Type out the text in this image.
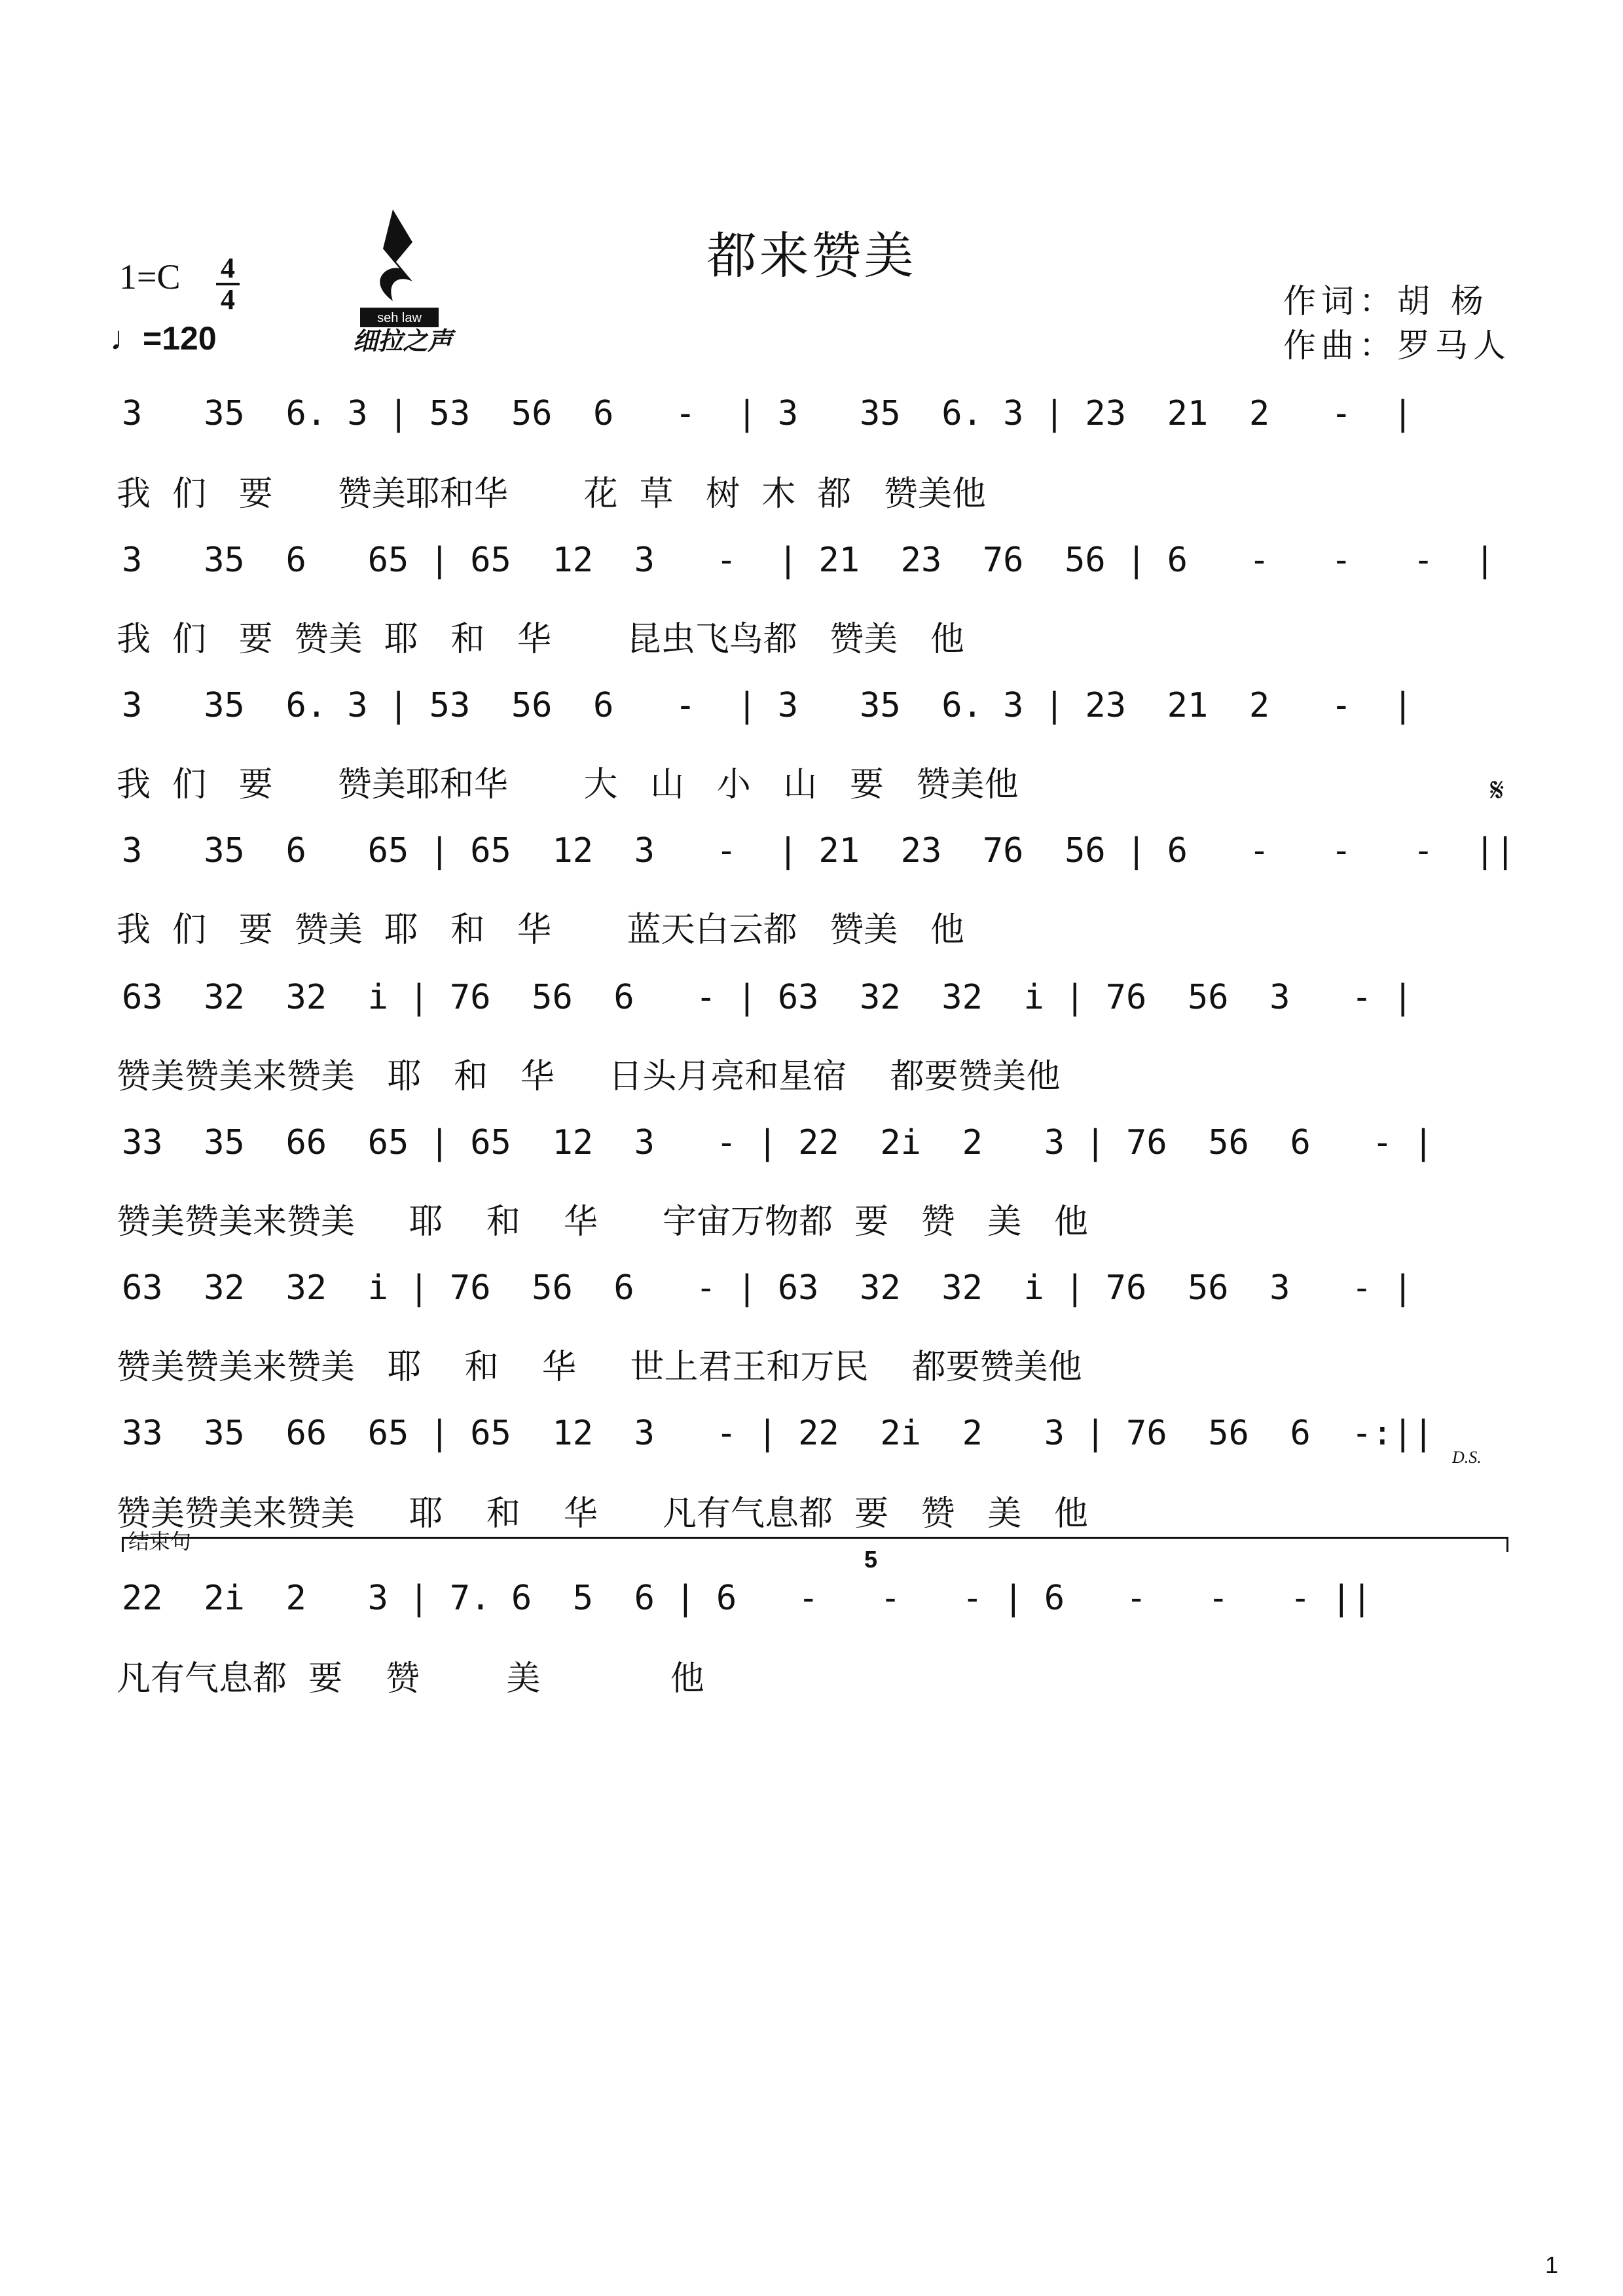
都来赞美
1=C 4
4
♩=120
seh law
细拉之声
作词：胡 杨
作曲：罗马人
3   35  6. 3 | 53  56  6   -  | 3   35  6. 3 | 23  21  2   -  |
我  们   要      赞美耶和华       花  草   树  木  都   赞美他
3   35  6   65 | 65  12  3   -  | 21  23  76  56 | 6   -   -   -  |
我  们   要  赞美  耶   和   华       昆虫飞鸟都   赞美   他
3   35  6. 3 | 53  56  6   -  | 3   35  6. 3 | 23  21  2   -  |
我  们   要      赞美耶和华       大   山   小   山   要   赞美他	𝄋
3   35  6   65 | 65  12  3   -  | 21  23  76  56 | 6   -   -   -  ||
我  们   要  赞美  耶   和   华       蓝天白云都   赞美   他
63  32  32  i | 76  56  6   - | 63  32  32  i | 76  56  3   - |
赞美赞美来赞美   耶   和   华     日头月亮和星宿    都要赞美他
33  35  66  65 | 65  12  3   - | 22  2i  2   3 | 76  56  6   - |
赞美赞美来赞美     耶    和    华      宇宙万物都  要   赞   美   他
63  32  32  i | 76  56  6   - | 63  32  32  i | 76  56  3   - |
赞美赞美来赞美   耶    和    华     世上君王和万民    都要赞美他
33  35  66  65 | 65  12  3   - | 22  2i  2   3 | 76  56  6  -:||
D.S.
赞美赞美来赞美     耶    和    华      凡有气息都  要   赞   美   他
结束句
5
22  2i  2   3 | 7. 6  5  6 | 6   -   -   - | 6   -   -   - ||
凡有气息都  要    赞        美            他
1
